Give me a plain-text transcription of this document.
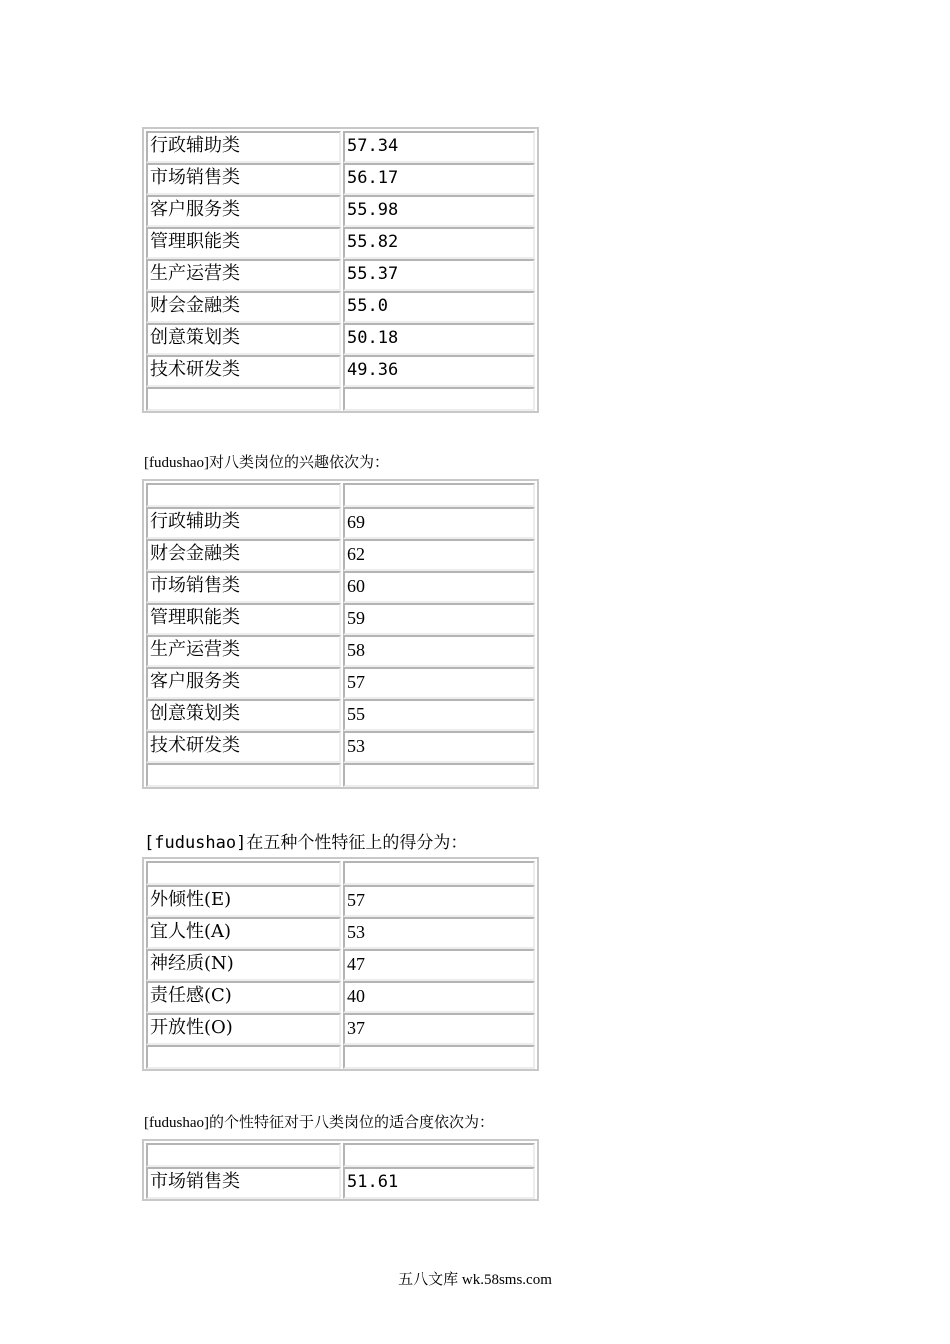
行政辅助类	57.34
市场销售类	56.17
客户服务类	55.98
管理职能类	55.82
生产运营类	55.37
财会金融类	55.0
创意策划类	50.18
技术研发类	49.36
[fudushao]对八类岗位的兴趣依次为：
行政辅助类	69
财会金融类	62
市场销售类	60
管理职能类	59
生产运营类	58
客户服务类	57
创意策划类	55
技术研发类	53
[fudushao]在五种个性特征上的得分为：
外倾性(E)	57
宜人性(A)	53
神经质(N)	47
责任感(C)	40
开放性(O)	37
[fudushao]的个性特征对于八类岗位的适合度依次为：
市场销售类	51.61
五八文库 wk.58sms.com
